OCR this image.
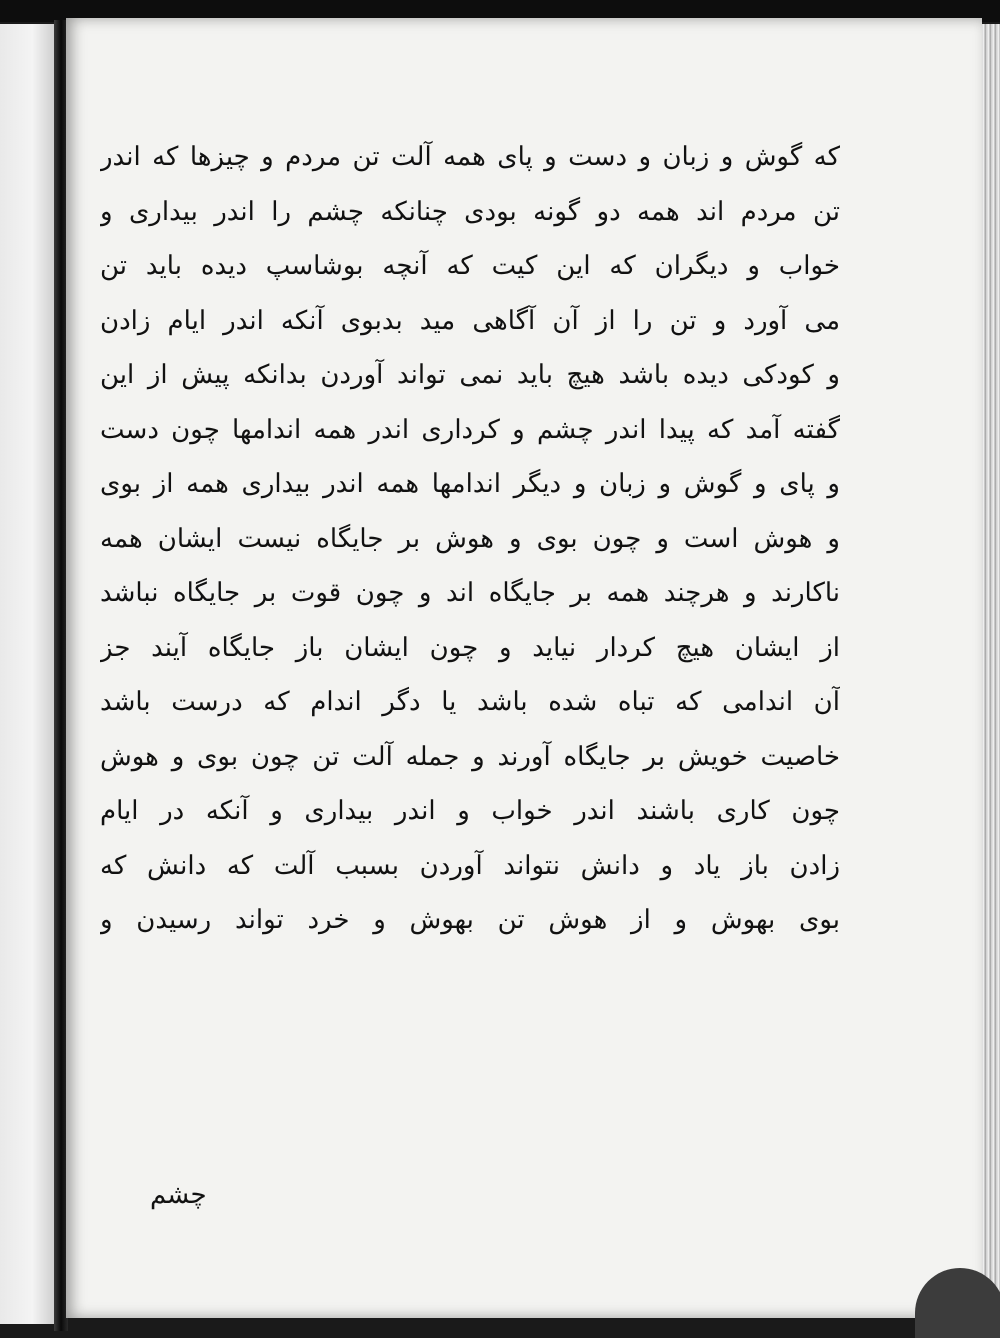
که گوش و زبان و دست و پای همه آلت تن مردم و چیزها که اندر
تن مردم اند همه دو گونه بودی چنانکه چشم را اندر بیداری و
خواب و دیگران که این کیت که آنچه بوشاسپ دیده باید تن
می آورد و تن را از آن آگاهی مید بدبوی آنکه اندر ایام زادن
و کودکی دیده باشد هیچ باید نمی تواند آوردن بدانکه پیش از این
گفته آمد که پیدا اندر چشم و کرداری اندر همه اندامها چون دست
و پای و گوش و زبان و دیگر اندامها همه اندر بیداری همه از بوی
و هوش است و چون بوی و هوش بر جایگاه نیست ایشان همه
ناکارند و هرچند همه بر جایگاه اند و چون قوت بر جایگاه نباشد
از ایشان هیچ کردار نیاید و چون ایشان باز جایگاه آیند جز
آن اندامی که تباه شده باشد یا دگر اندام که درست باشد
خاصیت خویش بر جایگاه آورند و جمله آلت تن چون بوی و هوش
چون کاری باشند اندر خواب و اندر بیداری و آنکه در ایام
زادن باز یاد و دانش نتواند آوردن بسبب آلت که دانش که
بوی بهوش و از هوش تن بهوش و خرد تواند رسیدن و
چشم
